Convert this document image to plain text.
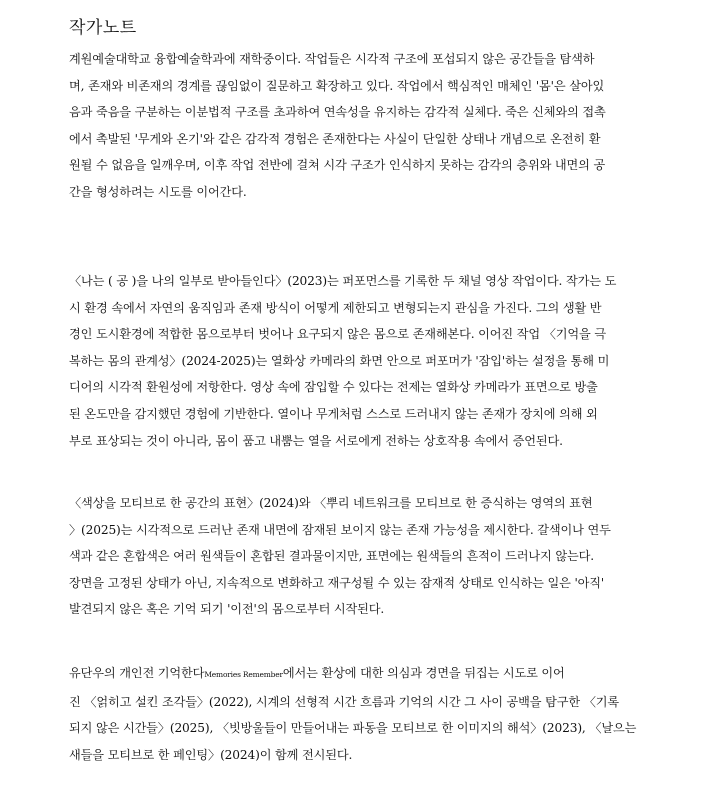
작가노트

계원예술대학교 융합예술학과에 재학중이다. 작업들은 시각적 구조에 포섭되지 않은 공간들을 탐색하
며, 존재와 비존재의 경계를 끊임없이 질문하고 확장하고 있다. 작업에서 핵심적인 매체인 '몸'은 살아있
음과 죽음을 구분하는 이분법적 구조를 초과하여 연속성을 유지하는 감각적 실체다. 죽은 신체와의 접촉
에서 촉발된 '무게와 온기'와 같은 감각적 경험은 존재한다는 사실이 단일한 상태나 개념으로 온전히 환
원될 수 없음을 일깨우며, 이후 작업 전반에 걸쳐 시각 구조가 인식하지 못하는 감각의 층위와 내면의 공
간을 형성하려는 시도를 이어간다.

〈나는 ( 공 )을 나의 일부로 받아들인다〉(2023)는 퍼포먼스를 기록한 두 채널 영상 작업이다. 작가는 도
시 환경 속에서 자연의 움직임과 존재 방식이 어떻게 제한되고 변형되는지 관심을 가진다. 그의 생활 반
경인 도시환경에 적합한 몸으로부터 벗어나 요구되지 않은 몸으로 존재해본다. 이어진 작업 〈기억을 극
복하는 몸의 관계성〉(2024-2025)는 열화상 카메라의 화면 안으로 퍼포머가 '잠입'하는 설정을 통해 미
디어의 시각적 환원성에 저항한다. 영상 속에 잠입할 수 있다는 전제는 열화상 카메라가 표면으로 방출
된 온도만을 감지했던 경험에 기반한다. 열이나 무게처럼 스스로 드러내지 않는 존재가 장치에 의해 외
부로 표상되는 것이 아니라, 몸이 품고 내뿜는 열을 서로에게 전하는 상호작용 속에서 증언된다.

〈색상을 모티브로 한 공간의 표현〉(2024)와 〈뿌리 네트워크를 모티브로 한 증식하는 영역의 표현
〉(2025)는 시각적으로 드러난 존재 내면에 잠재된 보이지 않는 존재 가능성을 제시한다. 갈색이나 연두
색과 같은 혼합색은 여러 원색들이 혼합된 결과물이지만, 표면에는 원색들의 흔적이 드러나지 않는다.
장면을 고정된 상태가 아닌, 지속적으로 변화하고 재구성될 수 있는 잠재적 상태로 인식하는 일은 '아직'
발견되지 않은 혹은 기억 되기 '이전'의 몸으로부터 시작된다.

유단우의 개인전 기억한다Memories Remember에서는 환상에 대한 의심과 경면을 뒤집는 시도로 이어
진 〈얽히고 설킨 조각들〉(2022), 시계의 선형적 시간 흐름과 기억의 시간 그 사이 공백을 탐구한 〈기록
되지 않은 시간들〉(2025), 〈빗방울들이 만들어내는 파동을 모티브로 한 이미지의 해석〉(2023), 〈날으는
새들을 모티브로 한 페인팅〉(2024)이 함께 전시된다.
